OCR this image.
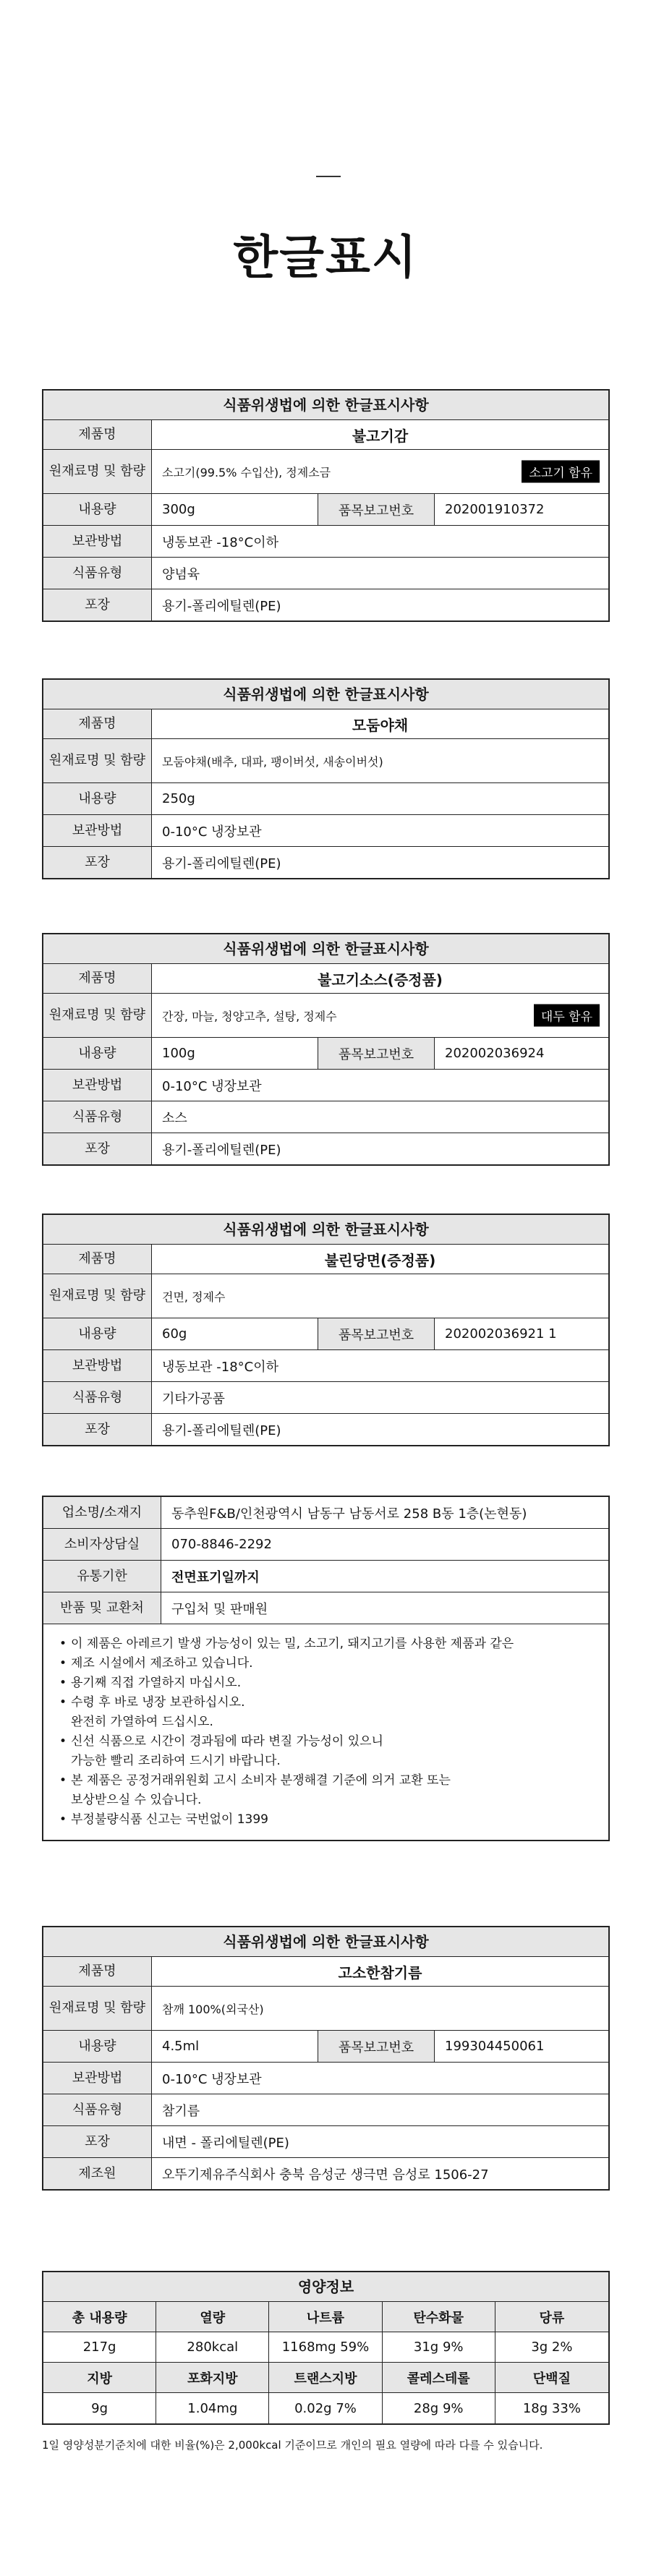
한글표시
식품위생법에 의한 한글표시사항
제품명	불고기감
원재료명 및 함량	소고기(99.5% 수입산), 정제소금	소고기 함유
내용량	300g	품목보고번호	202001910372
보관방법	냉동보관 -18°C이하
식품유형	양념육
포장	용기-폴리에틸렌(PE)
식품위생법에 의한 한글표시사항
제품명	모둠야채
원재료명 및 함량	모둠야채(배추, 대파, 팽이버섯, 새송이버섯)
내용량	250g
보관방법	0-10°C 냉장보관
포장	용기-폴리에틸렌(PE)
식품위생법에 의한 한글표시사항
제품명	불고기소스(증정품)
원재료명 및 함량	간장, 마늘, 청양고추, 설탕, 정제수	대두 함유
내용량	100g	품목보고번호	202002036924
보관방법	0-10°C 냉장보관
식품유형	소스
포장	용기-폴리에틸렌(PE)
식품위생법에 의한 한글표시사항
제품명	불린당면(증정품)
원재료명 및 함량	건면, 정제수
내용량	60g	품목보고번호	202002036921 1
보관방법	냉동보관 -18°C이하
식품유형	기타가공품
포장	용기-폴리에틸렌(PE)
업소명/소재지	동추원F&B/인천광역시 남동구 남동서로 258 B동 1층(논현동)
소비자상담실	070-8846-2292
유통기한	전면표기일까지
반품 및 교환처	구입처 및 판매원
• 이 제품은 아레르기 발생 가능성이 있는 밀, 소고기, 돼지고기를 사용한 제품과 같은
• 제조 시설에서 제조하고 있습니다.
• 용기째 직접 가열하지 마십시오.
• 수령 후 바로 냉장 보관하십시오.
완전히 가열하여 드십시오.
• 신선 식품으로 시간이 경과됨에 따라 변질 가능성이 있으니
가능한 빨리 조리하여 드시기 바랍니다.
• 본 제품은 공정거래위원회 고시 소비자 분쟁해결 기준에 의거 교환 또는
보상받으실 수 있습니다.
• 부정불량식품 신고는 국번없이 1399
식품위생법에 의한 한글표시사항
제품명	고소한참기름
원재료명 및 함량	참깨 100%(외국산)
내용량	4.5ml	품목보고번호	199304450061
보관방법	0-10°C 냉장보관
식품유형	참기름
포장	내면 - 폴리에틸렌(PE)
제조원	오뚜기제유주식회사 충북 음성군 생극면 음성로 1506-27
영양정보
총 내용량	열량	나트륨	탄수화물	당류
217g	280kcal	1168mg 59%	31g 9%	3g 2%
지방	포화지방	트랜스지방	콜레스테롤	단백질
9g	1.04mg	0.02g 7%	28g 9%	18g 33%
1일 영양성분기준치에 대한 비율(%)은 2,000kcal 기준이므로 개인의 필요 열량에 따라 다를 수 있습니다.
